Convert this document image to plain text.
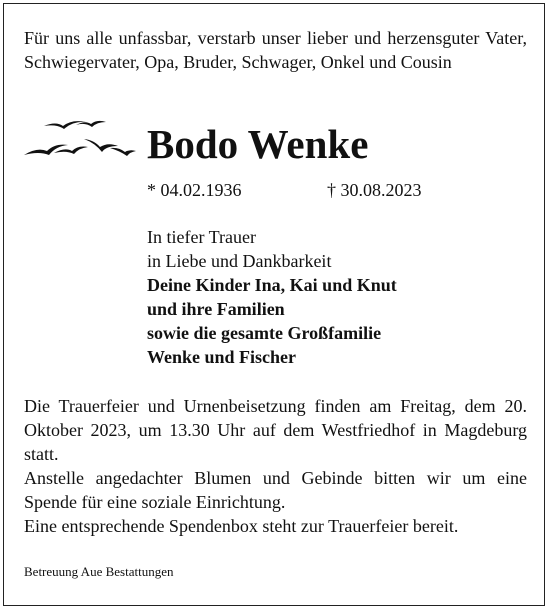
Für uns alle unfassbar, verstarb unser lieber und herzensguter Vater, Schwiegervater, Opa, Bruder, Schwager, Onkel und Cousin
Bodo Wenke
* 04.02.1936	† 30.08.2023
In tiefer Trauer
in Liebe und Dankbarkeit
Deine Kinder Ina, Kai und Knut
und ihre Familien
sowie die gesamte Großfamilie
Wenke und Fischer

Die Trauerfeier und Urnenbeisetzung finden am Freitag, dem 20. Oktober 2023, um 13.30 Uhr auf dem Westfriedhof in Magdeburg statt.

Anstelle angedachter Blumen und Gebinde bitten wir um eine Spende für eine soziale Einrichtung.

Eine entsprechende Spendenbox steht zur Trauerfeier bereit.

Betreuung Aue Bestattungen
